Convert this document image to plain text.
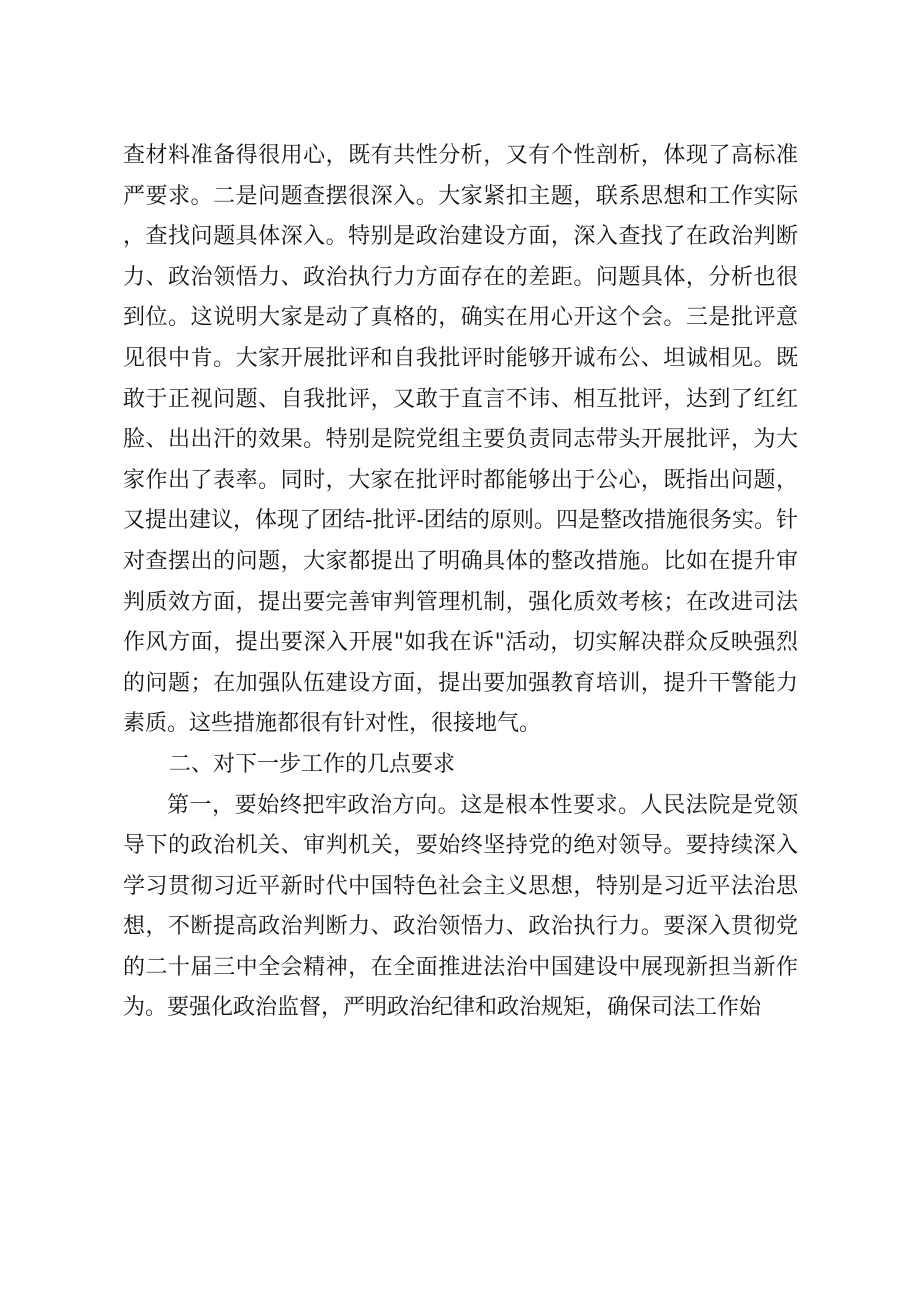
查材料准备得很用心，既有共性分析，又有个性剖析，体现了高标准严要求。二是问题查摆很深入。大家紧扣主题，联系思想和工作实际，查找问题具体深入。特别是政治建设方面，深入查找了在政治判断力、政治领悟力、政治执行力方面存在的差距。问题具体，分析也很到位。这说明大家是动了真格的，确实在用心开这个会。三是批评意见很中肯。大家开展批评和自我批评时能够开诚布公、坦诚相见。既敢于正视问题、自我批评，又敢于直言不讳、相互批评，达到了红红脸、出出汗的效果。特别是院党组主要负责同志带头开展批评，为大家作出了表率。同时，大家在批评时都能够出于公心，既指出问题，又提出建议，体现了团结-批评-团结的原则。四是整改措施很务实。针对查摆出的问题，大家都提出了明确具体的整改措施。比如在提升审判质效方面，提出要完善审判管理机制，强化质效考核；在改进司法作风方面，提出要深入开展"如我在诉"活动，切实解决群众反映强烈的问题；在加强队伍建设方面，提出要加强教育培训，提升干警能力素质。这些措施都很有针对性，很接地气。

二、对下一步工作的几点要求

第一，要始终把牢政治方向。这是根本性要求。人民法院是党领导下的政治机关、审判机关，要始终坚持党的绝对领导。要持续深入学习贯彻习近平新时代中国特色社会主义思想，特别是习近平法治思想，不断提高政治判断力、政治领悟力、政治执行力。要深入贯彻党的二十届三中全会精神，在全面推进法治中国建设中展现新担当新作为。要强化政治监督，严明政治纪律和政治规矩，确保司法工作始
